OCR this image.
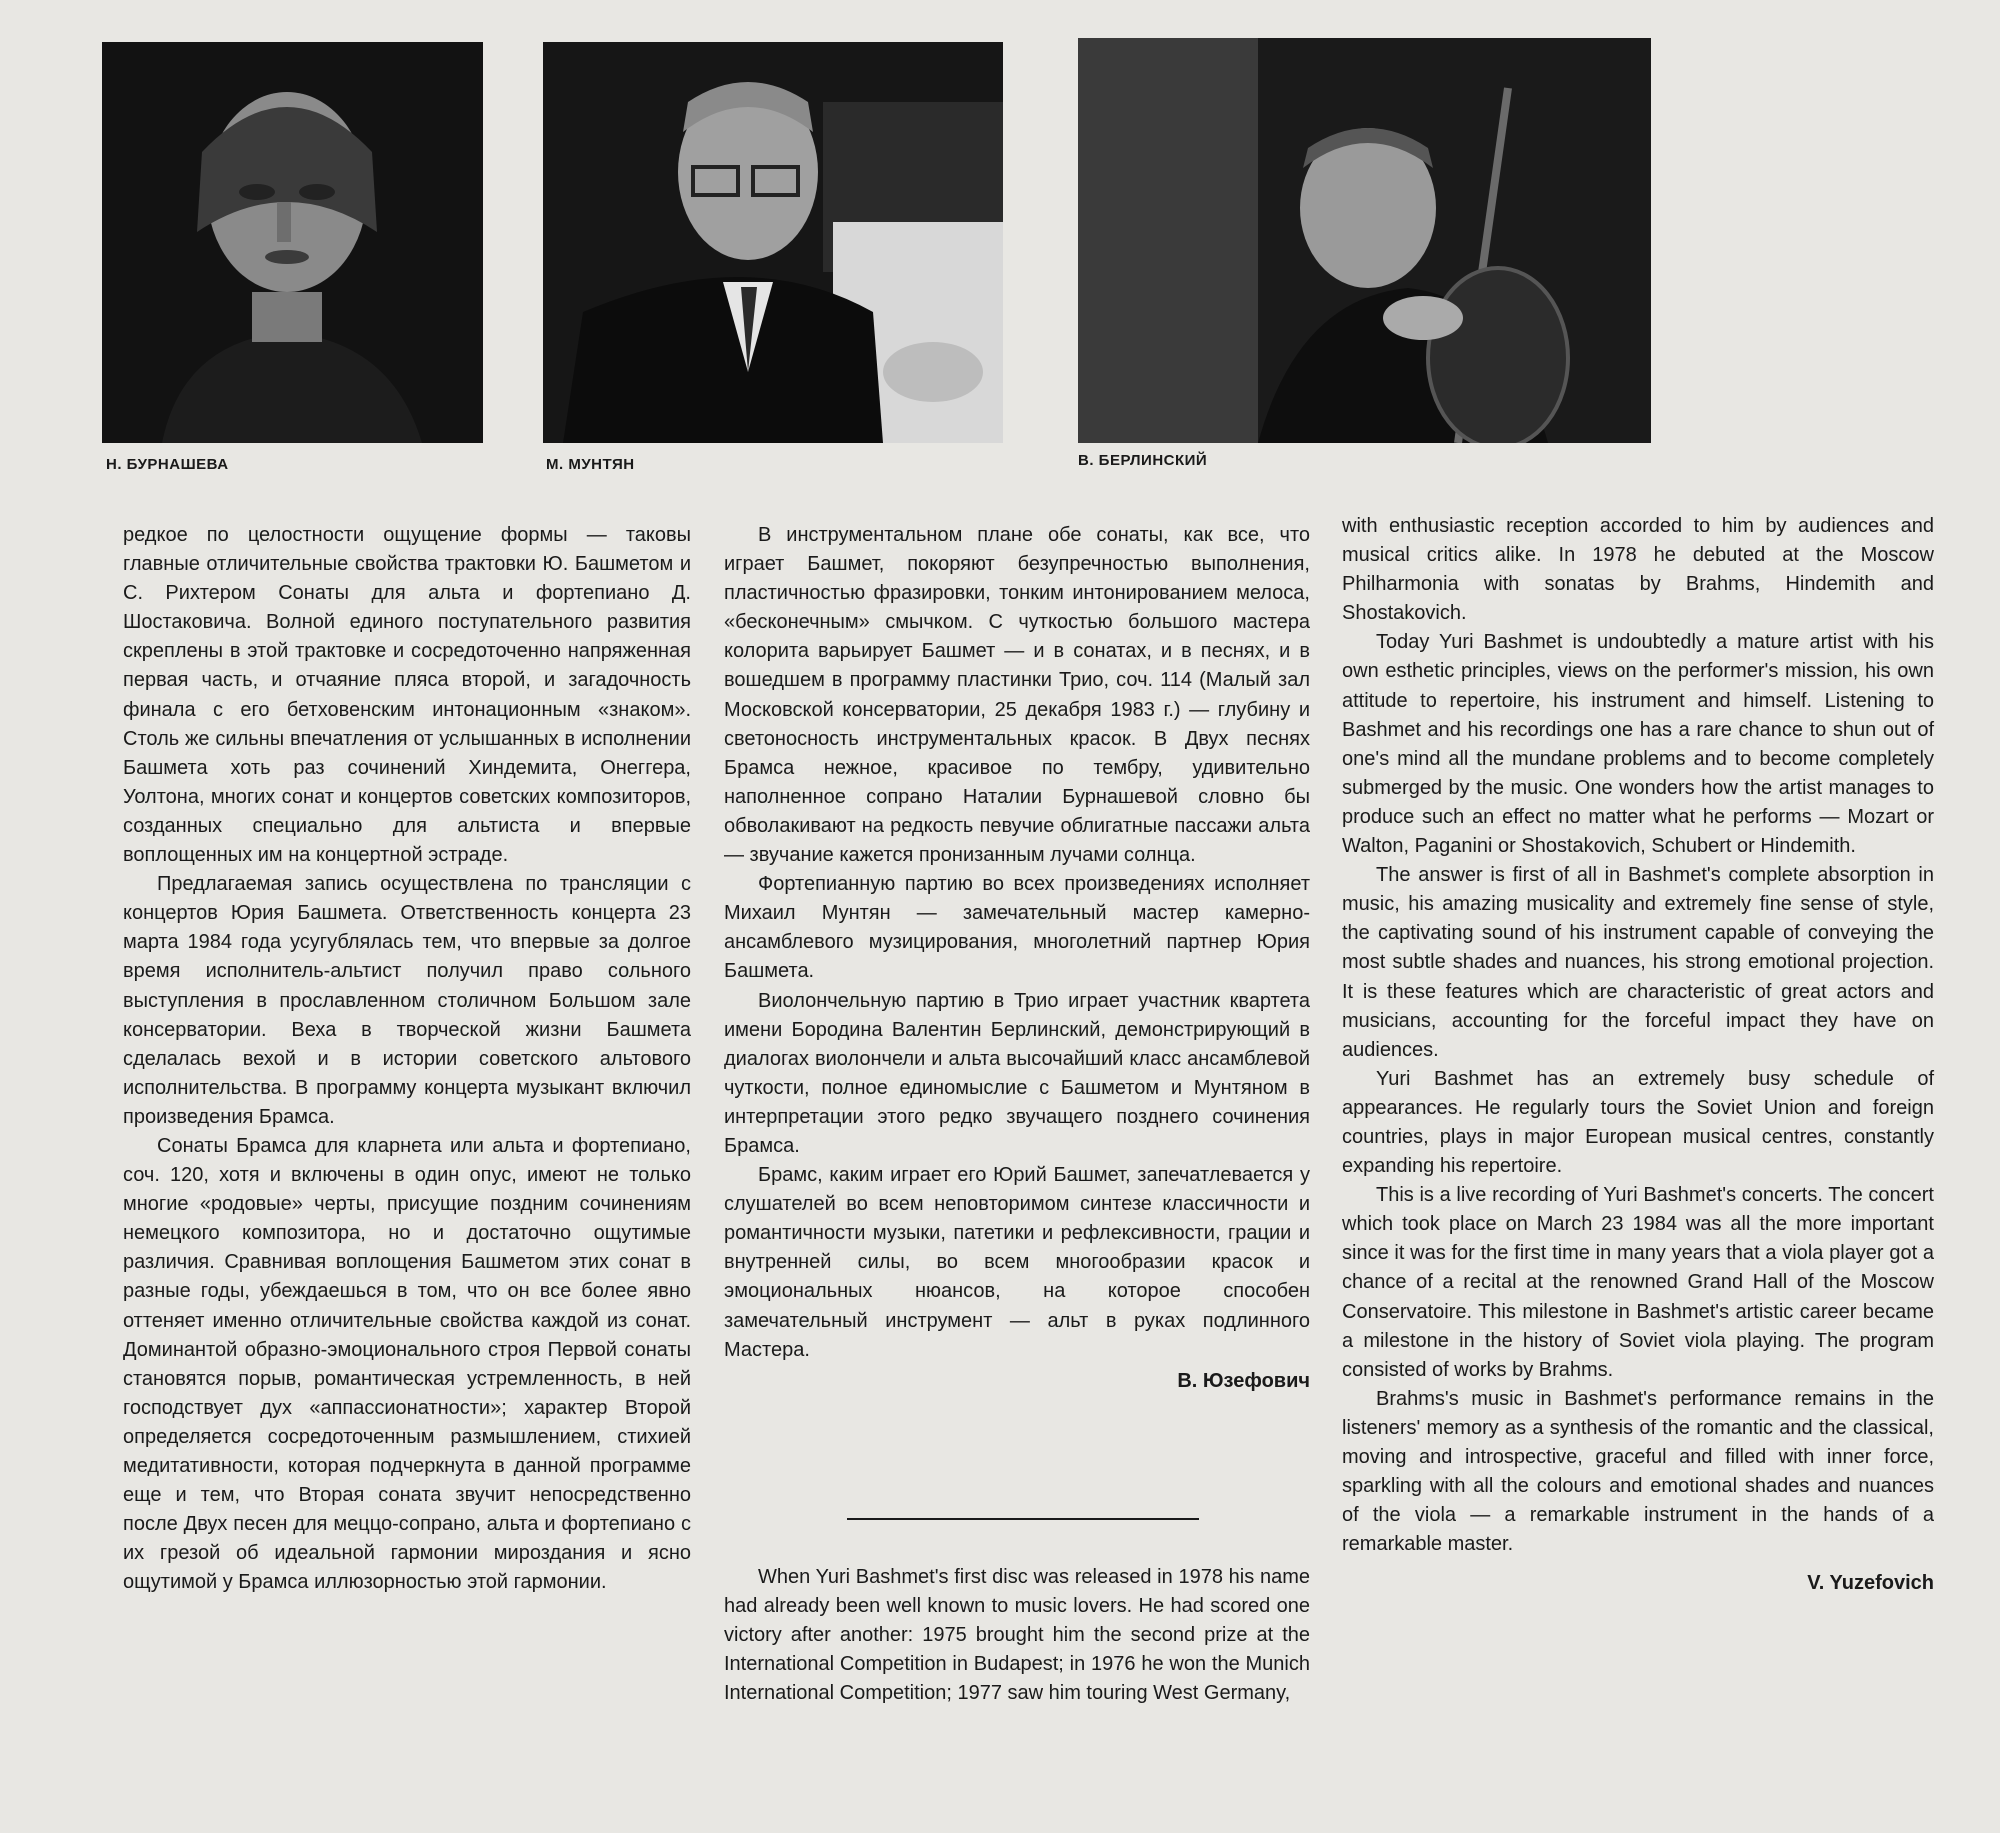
Н. БУРНАШЕВА	М. МУНТЯН	В. БЕРЛИНСКИЙ

редкое по целостности ощущение формы — таковы главные отличительные свойства трактовки Ю. Башметом и С. Рихтером Сонаты для альта и фортепиано Д. Шостаковича. Волной единого поступательного развития скреплены в этой трактовке и сосредоточенно напряженная первая часть, и отчаяние пляса второй, и загадочность финала с его бетховенским интонационным «знаком». Столь же сильны впечатления от услышанных в исполнении Башмета хоть раз сочинений Хиндемита, Онеггера, Уолтона, многих сонат и концертов советских композиторов, созданных специально для альтиста и впервые воплощенных им на концертной эстраде.

Предлагаемая запись осуществлена по трансляции с концертов Юрия Башмета. Ответственность концерта 23 марта 1984 года усугублялась тем, что впервые за долгое время исполнитель-альтист получил право сольного выступления в прославленном столичном Большом зале консерватории. Веха в творческой жизни Башмета сделалась вехой и в истории советского альтового исполнительства. В программу концерта музыкант включил произведения Брамса.

Сонаты Брамса для кларнета или альта и фортепиано, соч. 120, хотя и включены в один опус, имеют не только многие «родовые» черты, присущие поздним сочинениям немецкого композитора, но и достаточно ощутимые различия. Сравнивая воплощения Башметом этих сонат в разные годы, убеждаешься в том, что он все более явно оттеняет именно отличительные свойства каждой из сонат. Доминантой образно-эмоционального строя Первой сонаты становятся порыв, романтическая устремленность, в ней господствует дух «аппассионатности»; характер Второй определяется сосредоточенным размышлением, стихией медитативности, которая подчеркнута в данной программе еще и тем, что Вторая соната звучит непосредственно после Двух песен для меццо-сопрано, альта и фортепиано с их грезой об идеальной гармонии мироздания и ясно ощутимой у Брамса иллюзорностью этой гармонии.

В инструментальном плане обе сонаты, как все, что играет Башмет, покоряют безупречностью выполнения, пластичностью фразировки, тонким интонированием мелоса, «бесконечным» смычком. С чуткостью большого мастера колорита варьирует Башмет — и в сонатах, и в песнях, и в вошедшем в программу пластинки Трио, соч. 114 (Малый зал Московской консерватории, 25 декабря 1983 г.) — глубину и светоносность инструментальных красок. В Двух песнях Брамса нежное, красивое по тембру, удивительно наполненное сопрано Наталии Бурнашевой словно бы обволакивают на редкость певучие облигатные пассажи альта — звучание кажется пронизанным лучами солнца.

Фортепианную партию во всех произведениях исполняет Михаил Мунтян — замечательный мастер камерно-ансамблевого музицирования, многолетний партнер Юрия Башмета.

Виолончельную партию в Трио играет участник квартета имени Бородина Валентин Берлинский, демонстрирующий в диалогах виолончели и альта высочайший класс ансамблевой чуткости, полное единомыслие с Башметом и Мунтяном в интерпретации этого редко звучащего позднего сочинения Брамса.

Брамс, каким играет его Юрий Башмет, запечатлевается у слушателей во всем неповторимом синтезе классичности и романтичности музыки, патетики и рефлексивности, грации и внутренней силы, во всем многообразии красок и эмоциональных нюансов, на которое способен замечательный инструмент — альт в руках подлинного Мастера.

В. Юзефович

When Yuri Bashmet's first disc was released in 1978 his name had already been well known to music lovers. He had scored one victory after another: 1975 brought him the second prize at the International Competition in Budapest; in 1976 he won the Munich International Competition; 1977 saw him touring West Germany,

with enthusiastic reception accorded to him by audiences and musical critics alike. In 1978 he debuted at the Moscow Philharmonia with sonatas by Brahms, Hindemith and Shostakovich.

Today Yuri Bashmet is undoubtedly a mature artist with his own esthetic principles, views on the performer's mission, his own attitude to repertoire, his instrument and himself. Listening to Bashmet and his recordings one has a rare chance to shun out of one's mind all the mundane problems and to become completely submerged by the music. One wonders how the artist manages to produce such an effect no matter what he performs — Mozart or Walton, Paganini or Shostakovich, Schubert or Hindemith.

The answer is first of all in Bashmet's complete absorption in music, his amazing musicality and extremely fine sense of style, the captivating sound of his instrument capable of conveying the most subtle shades and nuances, his strong emotional projection. It is these features which are characteristic of great actors and musicians, accounting for the forceful impact they have on audiences.

Yuri Bashmet has an extremely busy schedule of appearances. He regularly tours the Soviet Union and foreign countries, plays in major European musical centres, constantly expanding his repertoire.

This is a live recording of Yuri Bashmet's concerts. The concert which took place on March 23 1984 was all the more important since it was for the first time in many years that a viola player got a chance of a recital at the renowned Grand Hall of the Moscow Conservatoire. This milestone in Bashmet's artistic career became a milestone in the history of Soviet viola playing. The program consisted of works by Brahms.

Brahms's music in Bashmet's performance remains in the listeners' memory as a synthesis of the romantic and the classical, moving and introspective, graceful and filled with inner force, sparkling with all the colours and emotional shades and nuances of the viola — a remarkable instrument in the hands of a remarkable master.

V. Yuzefovich
